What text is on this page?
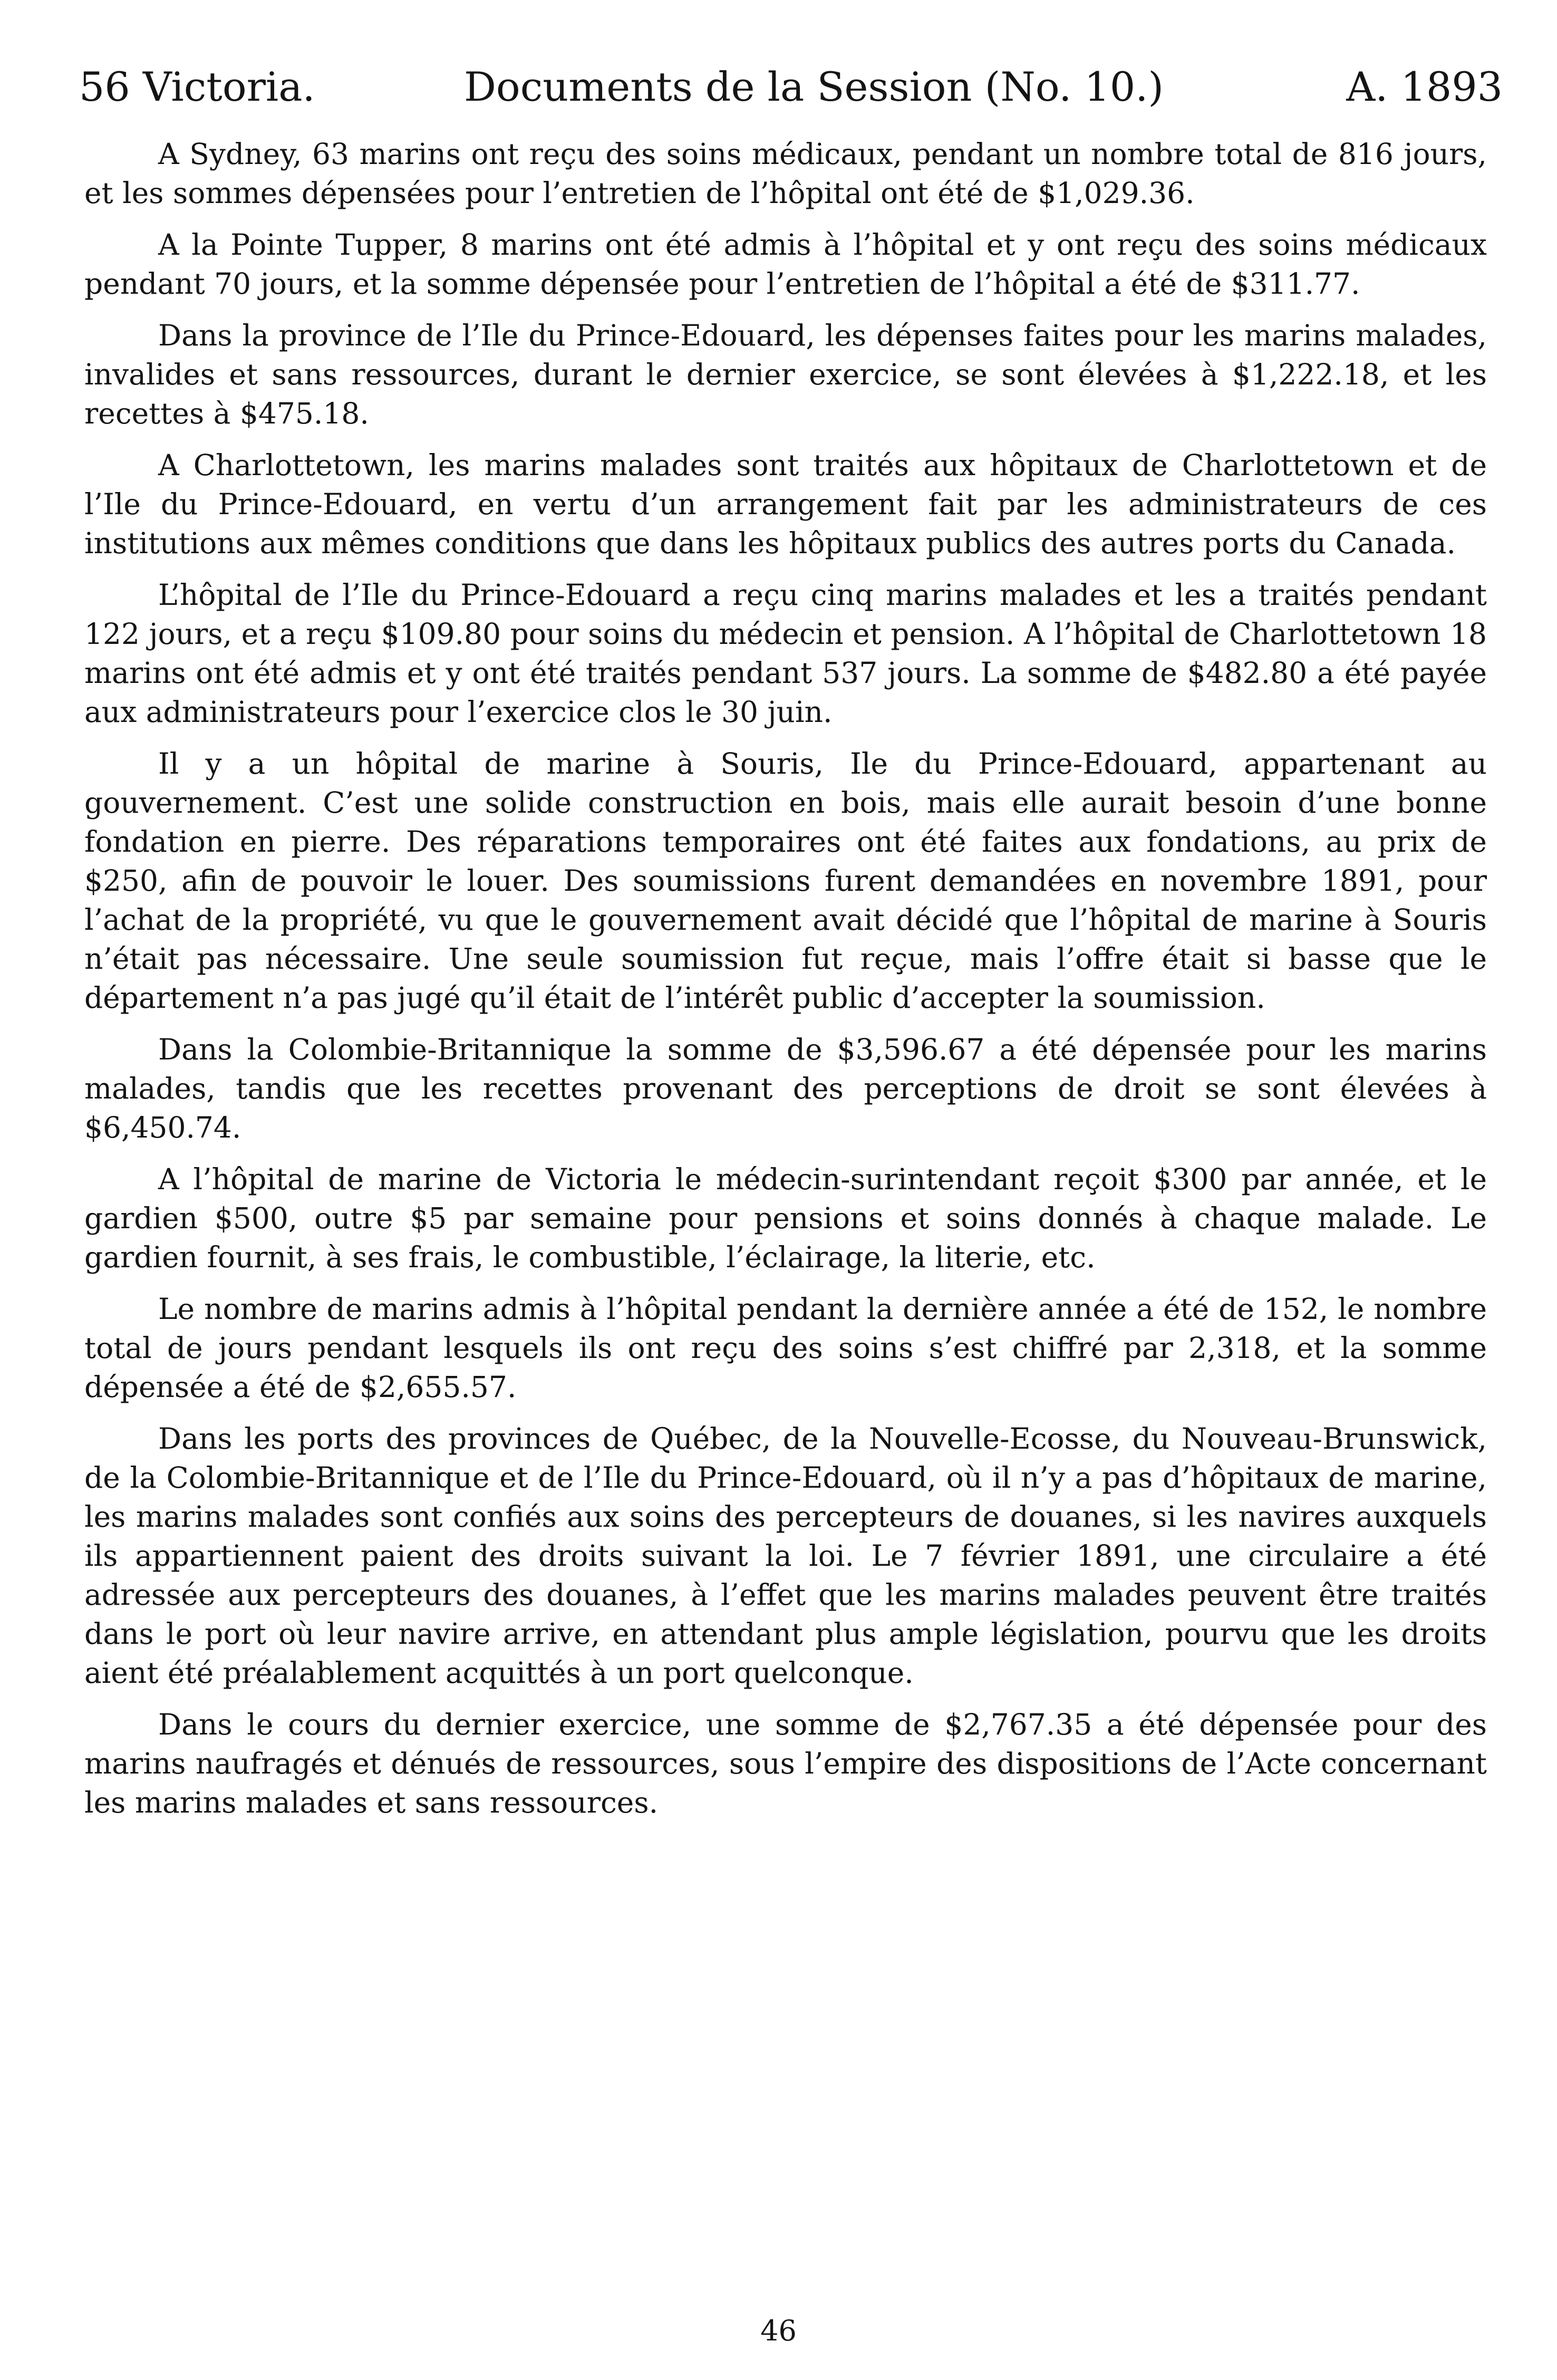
56 Victoria.	Documents de la Session (No. 10.)	A. 1893

A Sydney, 63 marins ont reçu des soins médicaux, pendant un nombre total de 816 jours, et les sommes dépensées pour l’entretien de l’hôpital ont été de $1,029.36.

A la Pointe Tupper, 8 marins ont été admis à l’hôpital et y ont reçu des soins médicaux pendant 70 jours, et la somme dépensée pour l’entretien de l’hôpital a été de $311.77.

Dans la province de l’Ile du Prince-Edouard, les dépenses faites pour les marins malades, invalides et sans ressources, durant le dernier exercice, se sont élevées à $1,222.18, et les recettes à $475.18.

A Charlottetown, les marins malades sont traités aux hôpitaux de Charlottetown et de l’Ile du Prince-Edouard, en vertu d’un arrangement fait par les administrateurs de ces institutions aux mêmes conditions que dans les hôpitaux publics des autres ports du Canada.

L’hôpital de l’Ile du Prince-Edouard a reçu cinq marins malades et les a traités pendant 122 jours, et a reçu $109.80 pour soins du médecin et pension. A l’hôpital de Charlottetown 18 marins ont été admis et y ont été traités pendant 537 jours. La somme de $482.80 a été payée aux administrateurs pour l’exercice clos le 30 juin.

Il y a un hôpital de marine à Souris, Ile du Prince-Edouard, appartenant au gouvernement. C’est une solide construction en bois, mais elle aurait besoin d’une bonne fondation en pierre. Des réparations temporaires ont été faites aux fondations, au prix de $250, afin de pouvoir le louer. Des soumissions furent demandées en novembre 1891, pour l’achat de la propriété, vu que le gouvernement avait décidé que l’hôpital de marine à Souris n’était pas nécessaire. Une seule soumission fut reçue, mais l’offre était si basse que le département n’a pas jugé qu’il était de l’intérêt public d’accepter la soumission.

Dans la Colombie-Britannique la somme de $3,596.67 a été dépensée pour les marins malades, tandis que les recettes provenant des perceptions de droit se sont élevées à $6,450.74.

A l’hôpital de marine de Victoria le médecin-surintendant reçoit $300 par année, et le gardien $500, outre $5 par semaine pour pensions et soins donnés à chaque malade. Le gardien fournit, à ses frais, le combustible, l’éclairage, la literie, etc.

Le nombre de marins admis à l’hôpital pendant la dernière année a été de 152, le nombre total de jours pendant lesquels ils ont reçu des soins s’est chiffré par 2,318, et la somme dépensée a été de $2,655.57.

Dans les ports des provinces de Québec, de la Nouvelle-Ecosse, du Nouveau-Brunswick, de la Colombie-Britannique et de l’Ile du Prince-Edouard, où il n’y a pas d’hôpitaux de marine, les marins malades sont confiés aux soins des percepteurs de douanes, si les navires auxquels ils appartiennent paient des droits suivant la loi. Le 7 février 1891, une circulaire a été adressée aux percepteurs des douanes, à l’effet que les marins malades peuvent être traités dans le port où leur navire arrive, en attendant plus ample législation, pourvu que les droits aient été préalablement acquittés à un port quelconque.

Dans le cours du dernier exercice, une somme de $2,767.35 a été dépensée pour des marins naufragés et dénués de ressources, sous l’empire des dispositions de l’Acte concernant les marins malades et sans ressources.

46
